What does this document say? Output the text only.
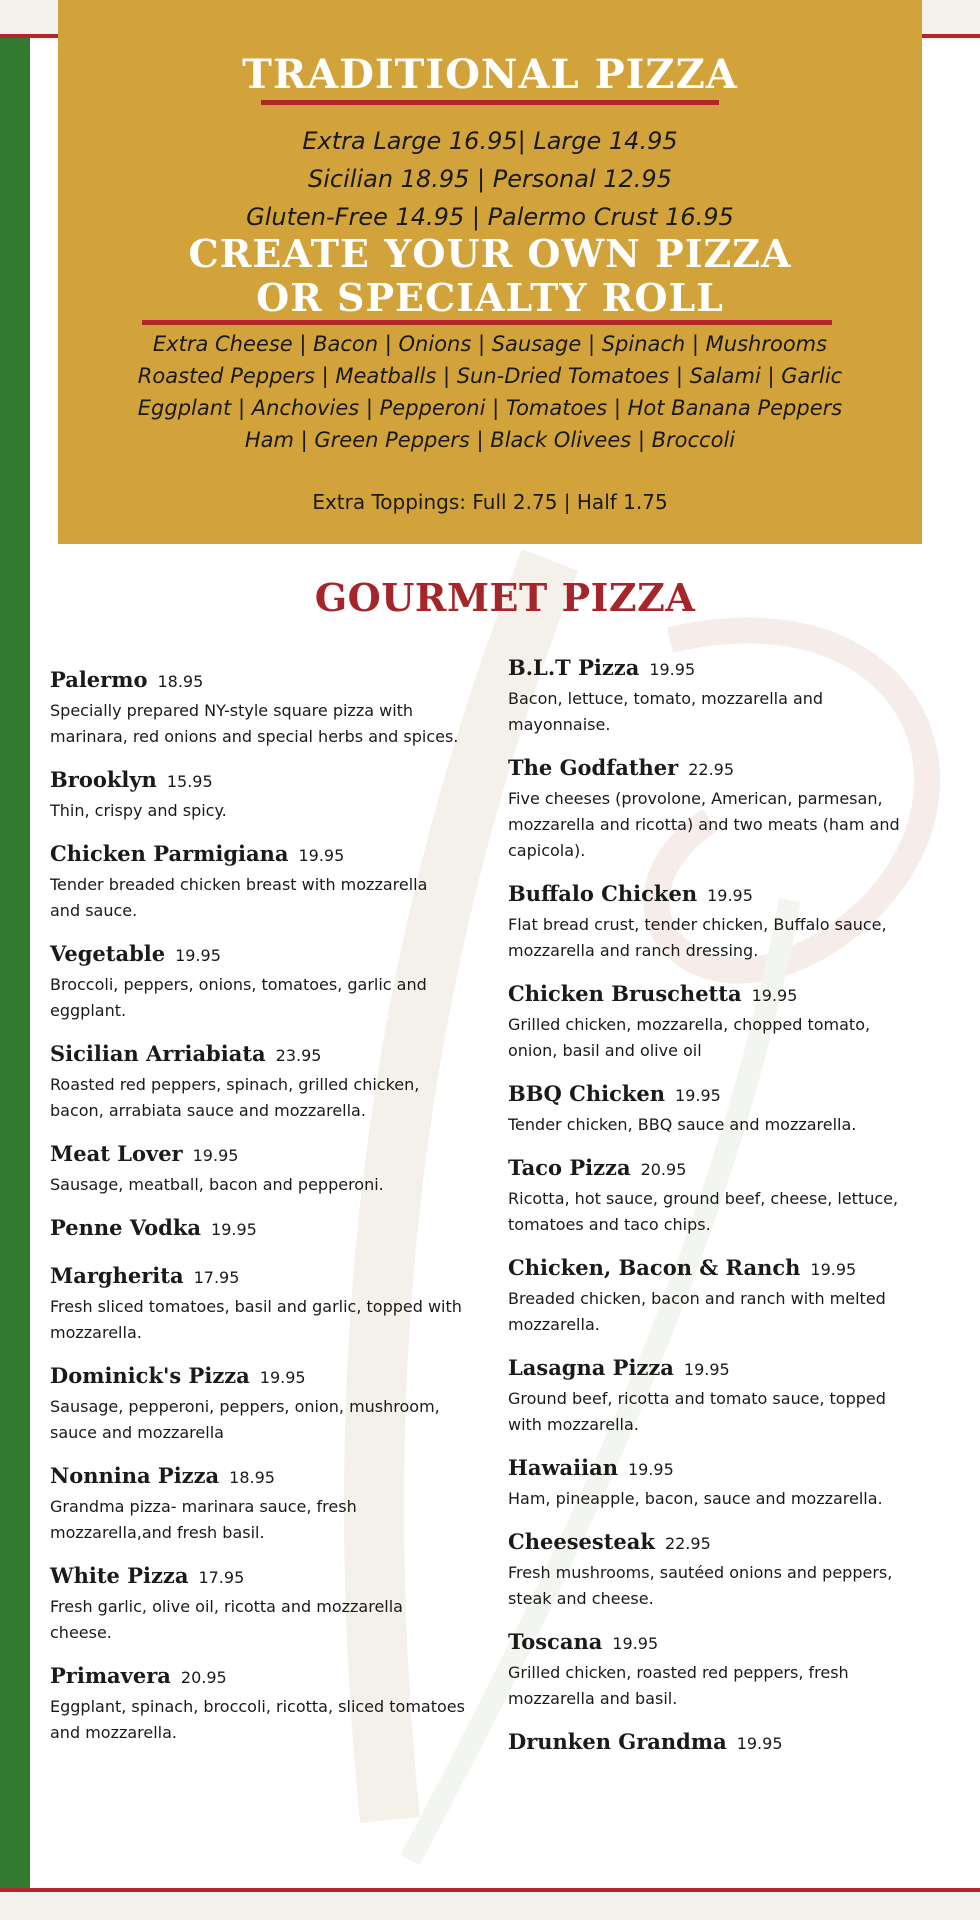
TRADITIONAL PIZZA
Extra Large 16.95| Large 14.95
Sicilian 18.95 | Personal 12.95
Gluten-Free 14.95 | Palermo Crust 16.95
CREATE YOUR OWN PIZZA
OR SPECIALTY ROLL
Extra Cheese | Bacon | Onions | Sausage | Spinach | Mushrooms
Roasted Peppers | Meatballs | Sun-Dried Tomatoes | Salami | Garlic
Eggplant | Anchovies | Pepperoni | Tomatoes | Hot Banana Peppers
Ham | Green Peppers | Black Olivees | Broccoli
Extra Toppings: Full 2.75 | Half 1.75
GOURMET PIZZA
Palermo 18.95
Specially prepared NY-style square pizza with
marinara, red onions and special herbs and spices.
Brooklyn 15.95
Thin, crispy and spicy.
Chicken Parmigiana 19.95
Tender breaded chicken breast with mozzarella
and sauce.
Vegetable 19.95
Broccoli, peppers, onions, tomatoes, garlic and
eggplant.
Sicilian Arriabiata 23.95
Roasted red peppers, spinach, grilled chicken,
bacon, arrabiata sauce and mozzarella.
Meat Lover 19.95
Sausage, meatball, bacon and pepperoni.
Penne Vodka 19.95
Margherita 17.95
Fresh sliced tomatoes, basil and garlic, topped with
mozzarella.
Dominick's Pizza 19.95
Sausage, pepperoni, peppers, onion, mushroom,
sauce and mozzarella
Nonnina Pizza 18.95
Grandma pizza- marinara sauce, fresh
mozzarella,and fresh basil.
White Pizza 17.95
Fresh garlic, olive oil, ricotta and mozzarella
cheese.
Primavera 20.95
Eggplant, spinach, broccoli, ricotta, sliced tomatoes
and mozzarella.
B.L.T Pizza 19.95
Bacon, lettuce, tomato, mozzarella and
mayonnaise.
The Godfather 22.95
Five cheeses (provolone, American, parmesan,
mozzarella and ricotta) and two meats (ham and
capicola).
Buffalo Chicken 19.95
Flat bread crust, tender chicken, Buffalo sauce,
mozzarella and ranch dressing.
Chicken Bruschetta 19.95
Grilled chicken, mozzarella, chopped tomato,
onion, basil and olive oil
BBQ Chicken 19.95
Tender chicken, BBQ sauce and mozzarella.
Taco Pizza 20.95
Ricotta, hot sauce, ground beef, cheese, lettuce,
tomatoes and taco chips.
Chicken, Bacon & Ranch 19.95
Breaded chicken, bacon and ranch with melted
mozzarella.
Lasagna Pizza 19.95
Ground beef, ricotta and tomato sauce, topped
with mozzarella.
Hawaiian 19.95
Ham, pineapple, bacon, sauce and mozzarella.
Cheesesteak 22.95
Fresh mushrooms, sautéed onions and peppers,
steak and cheese.
Toscana 19.95
Grilled chicken, roasted red peppers, fresh
mozzarella and basil.
Drunken Grandma 19.95
